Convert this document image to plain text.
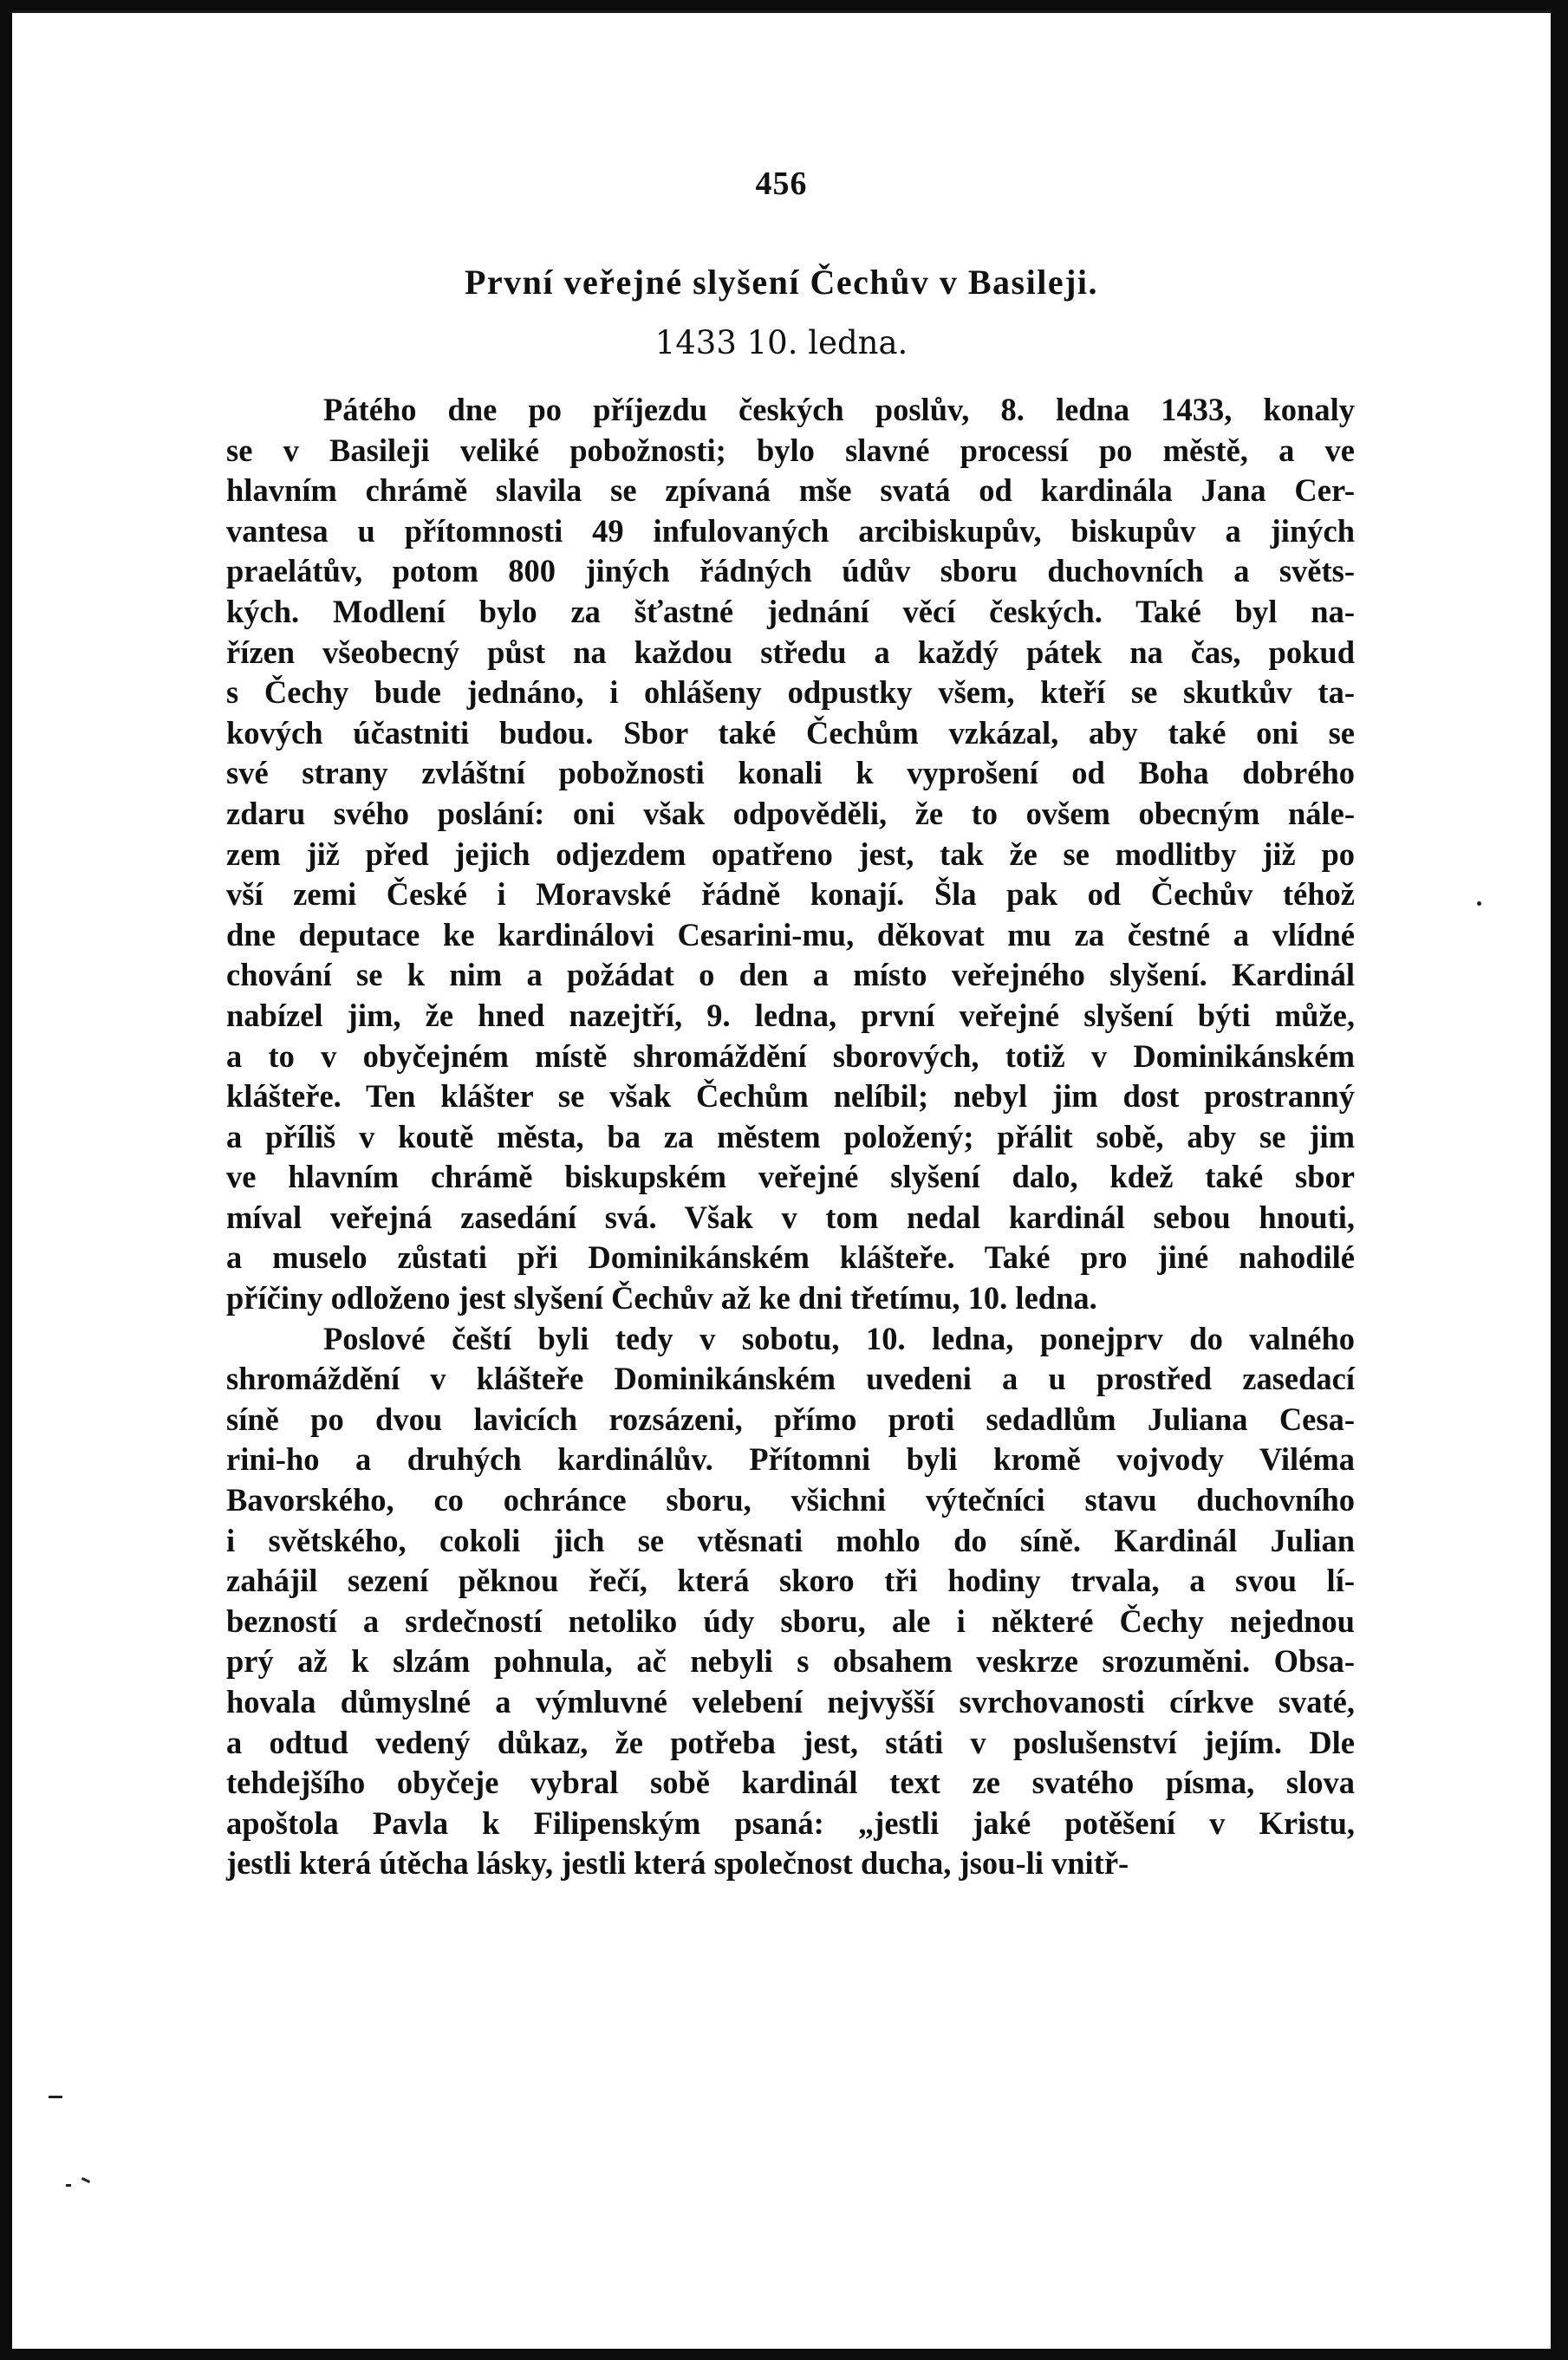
456
První veřejné slyšení Čechův v Basileji.
1433 10. ledna.
Pátého dne po příjezdu českých poslův, 8. ledna 1433, konaly
se v Basileji veliké pobožnosti; bylo slavné processí po městě, a ve
hlavním chrámě slavila se zpívaná mše svatá od kardinála Jana Cer-
vantesa u přítomnosti 49 infulovaných arcibiskupův, biskupův a jiných
praelátův, potom 800 jiných řádných údův sboru duchovních a světs-
kých. Modlení bylo za šťastné jednání věcí českých. Také byl na-
řízen všeobecný půst na každou středu a každý pátek na čas, pokud
s Čechy bude jednáno, i ohlášeny odpustky všem, kteří se skutkův ta-
kových účastniti budou. Sbor také Čechům vzkázal, aby také oni se
své strany zvláštní pobožnosti konali k vyprošení od Boha dobrého
zdaru svého poslání: oni však odpověděli, že to ovšem obecným nále-
zem již před jejich odjezdem opatřeno jest, tak že se modlitby již po
vší zemi České i Moravské řádně konají. Šla pak od Čechův téhož
dne deputace ke kardinálovi Cesarini-mu, děkovat mu za čestné a vlídné
chování se k nim a požádat o den a místo veřejného slyšení. Kardinál
nabízel jim, že hned nazejtří, 9. ledna, první veřejné slyšení býti může,
a to v obyčejném místě shromáždění sborových, totiž v Dominikánském
klášteře. Ten klášter se však Čechům nelíbil; nebyl jim dost prostranný
a příliš v koutě města, ba za městem položený; přálit sobě, aby se jim
ve hlavním chrámě biskupském veřejné slyšení dalo, kdež také sbor
míval veřejná zasedání svá. Však v tom nedal kardinál sebou hnouti,
a muselo zůstati při Dominikánském klášteře. Také pro jiné nahodilé
příčiny odloženo jest slyšení Čechův až ke dni třetímu, 10. ledna.
Poslové čeští byli tedy v sobotu, 10. ledna, ponejprv do valného
shromáždění v klášteře Dominikánském uvedeni a u prostřed zasedací
síně po dvou lavicích rozsázeni, přímo proti sedadlům Juliana Cesa-
rini-ho a druhých kardinálův. Přítomni byli kromě vojvody Viléma
Bavorského, co ochránce sboru, všichni výtečníci stavu duchovního
i světského, cokoli jich se vtěsnati mohlo do síně. Kardinál Julian
zahájil sezení pěknou řečí, která skoro tři hodiny trvala, a svou lí-
bezností a srdečností netoliko údy sboru, ale i některé Čechy nejednou
prý až k slzám pohnula, ač nebyli s obsahem veskrze srozuměni. Obsa-
hovala důmyslné a výmluvné velebení nejvyšší svrchovanosti církve svaté,
a odtud vedený důkaz, že potřeba jest, státi v poslušenství jejím. Dle
tehdejšího obyčeje vybral sobě kardinál text ze svatého písma, slova
apoštola Pavla k Filipenským psaná: „jestli jaké potěšení v Kristu,
jestli která útěcha lásky, jestli která společnost ducha, jsou-li vnitř-
